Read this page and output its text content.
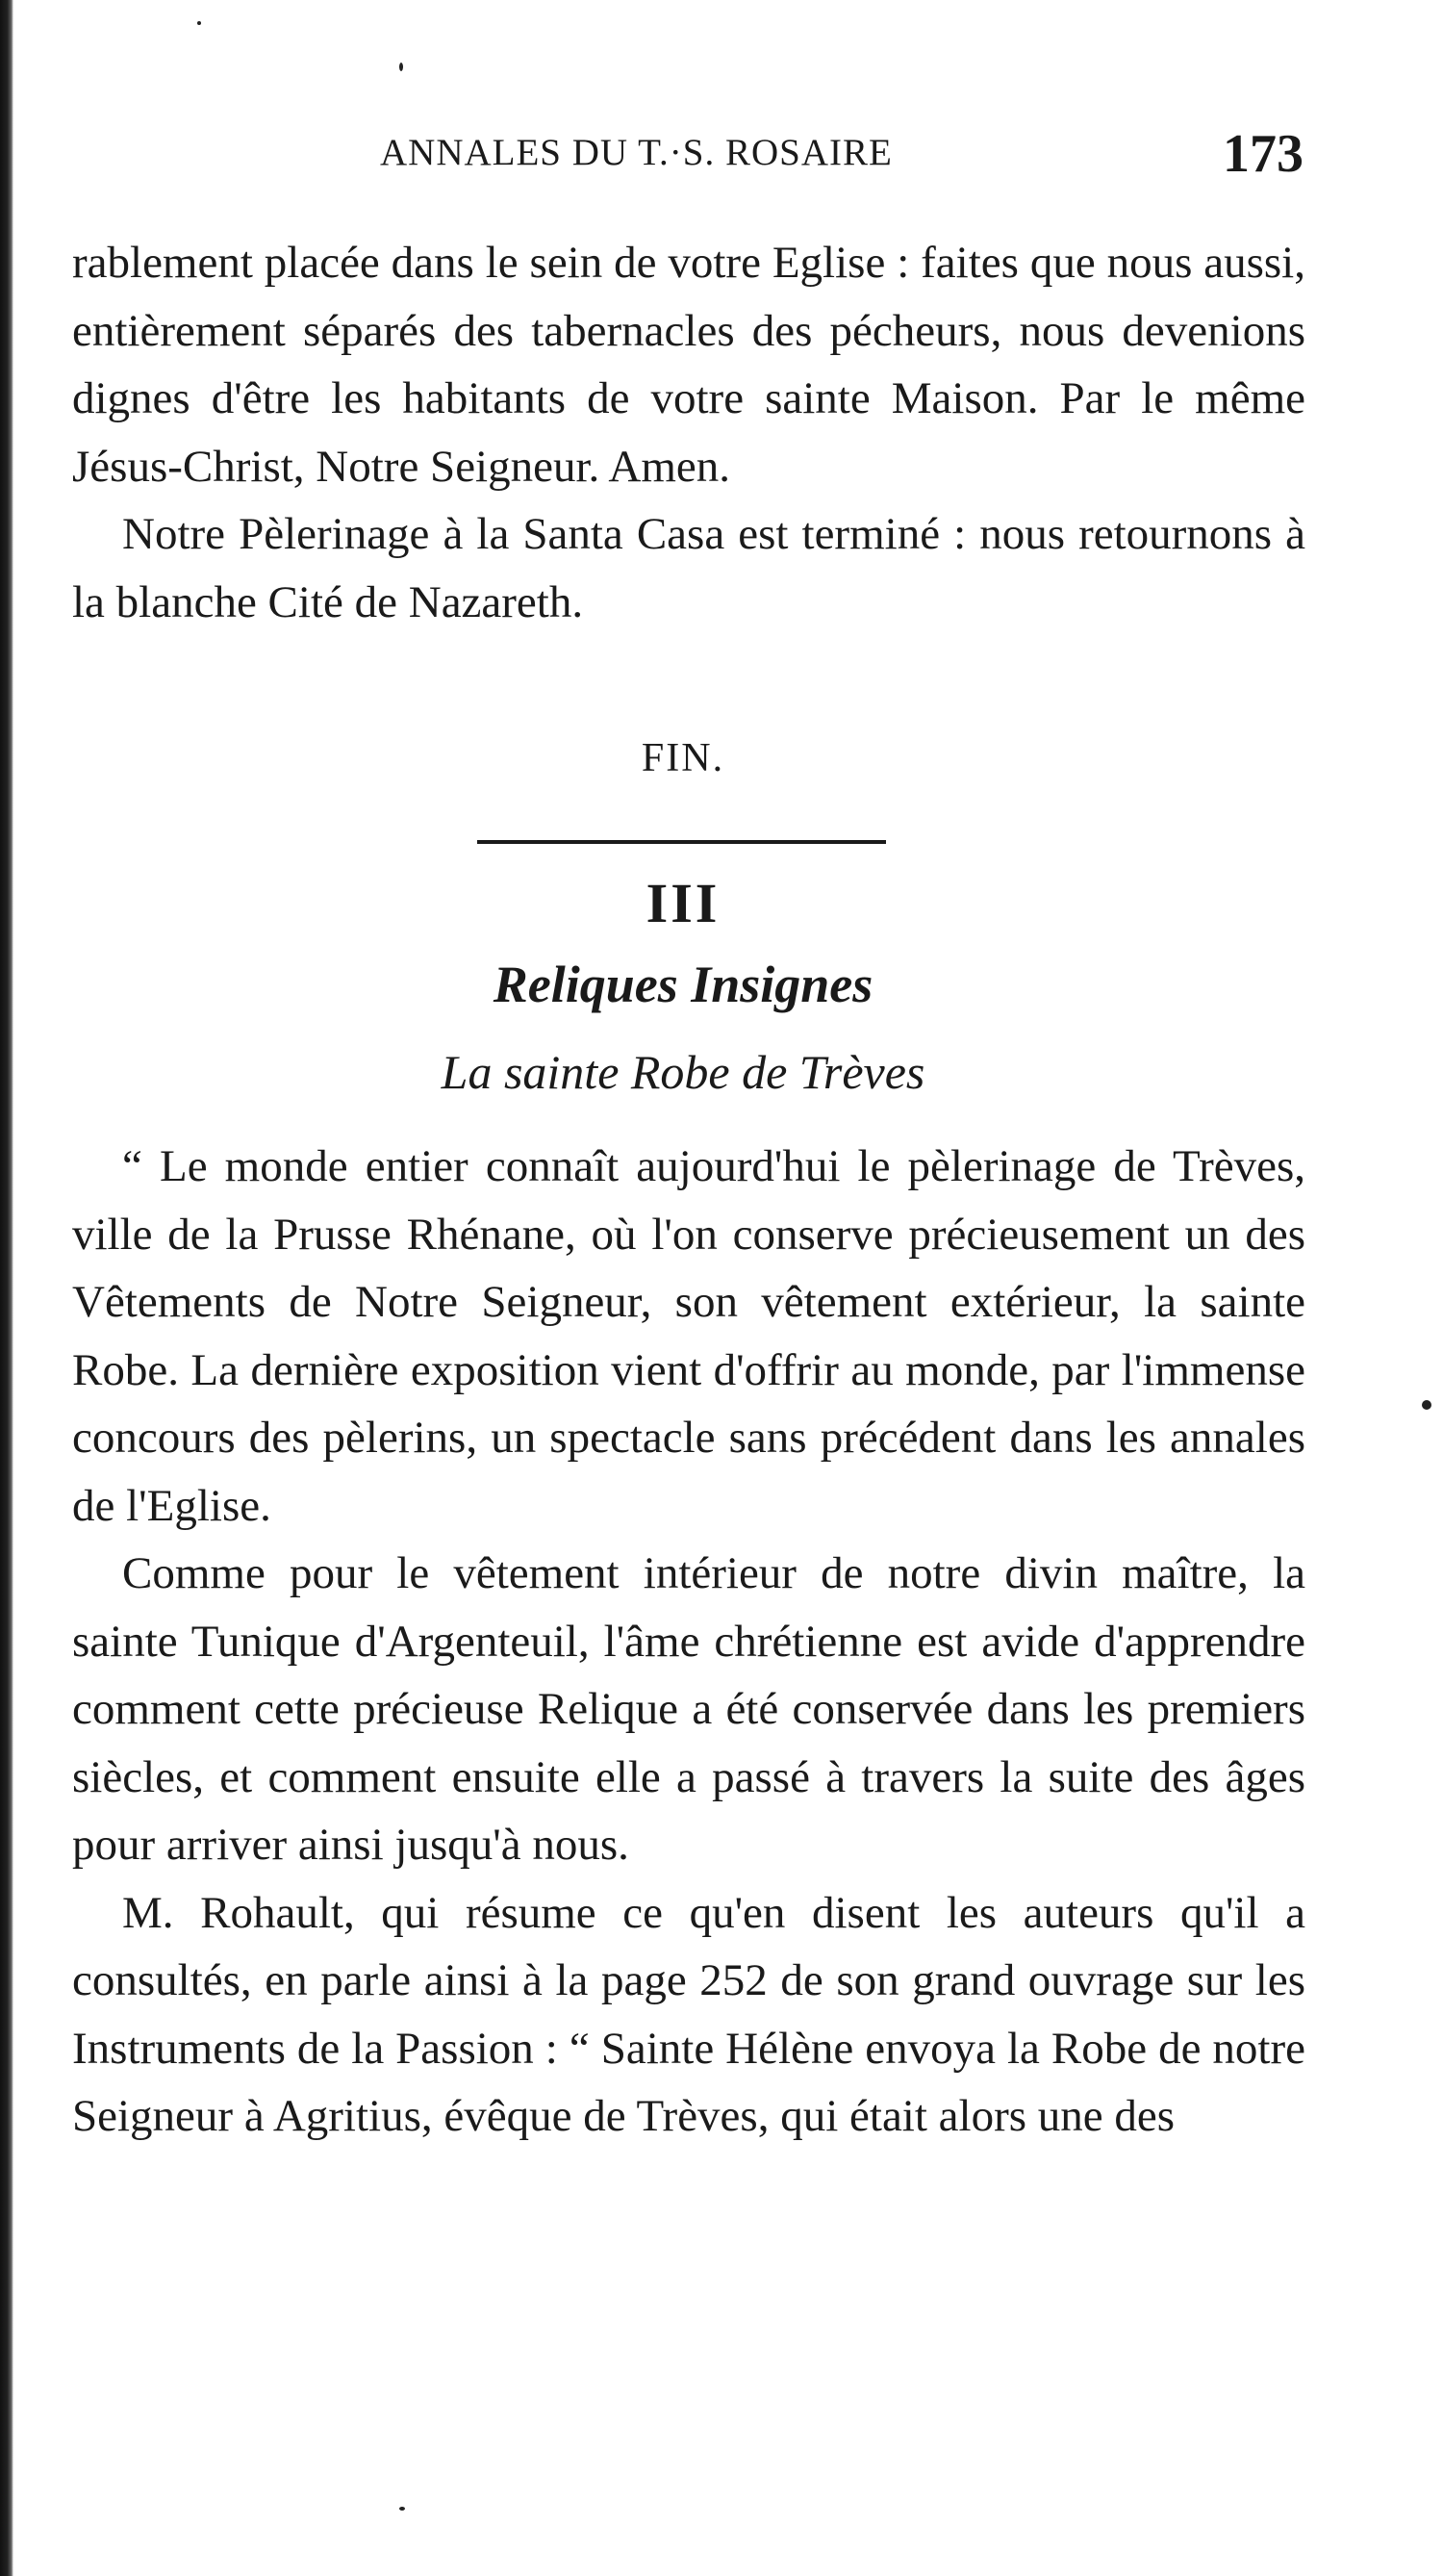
ANNALES DU T.·S. ROSAIRE	173

rablement placée dans le sein de votre Eglise : faites que nous aussi, entièrement séparés des tabernacles des pécheurs, nous devenions dignes d'être les habitants de votre sainte Maison. Par le même Jésus-Christ, Notre Seigneur. Amen.

Notre Pèlerinage à la Santa Casa est terminé : nous retournons à la blanche Cité de Nazareth.

FIN.
III
Reliques Insignes
La sainte Robe de Trèves

“ Le monde entier connaît aujourd'hui le pèlerinage de Trèves, ville de la Prusse Rhénane, où l'on conserve précieusement un des Vêtements de Notre Seigneur, son vêtement extérieur, la sainte Robe. La dernière exposition vient d'offrir au monde, par l'immense concours des pèlerins, un spectacle sans précédent dans les annales de l'Eglise.

Comme pour le vêtement intérieur de notre divin maître, la sainte Tunique d'Argenteuil, l'âme chrétienne est avide d'apprendre comment cette précieuse Relique a été conservée dans les premiers siècles, et comment ensuite elle a passé à travers la suite des âges pour arriver ainsi jusqu'à nous.

M. Rohault, qui résume ce qu'en disent les auteurs qu'il a consultés, en parle ainsi à la page 252 de son grand ouvrage sur les Instruments de la Passion : “ Sainte Hélène envoya la Robe de notre Seigneur à Agritius, évêque de Trèves, qui était alors une des
